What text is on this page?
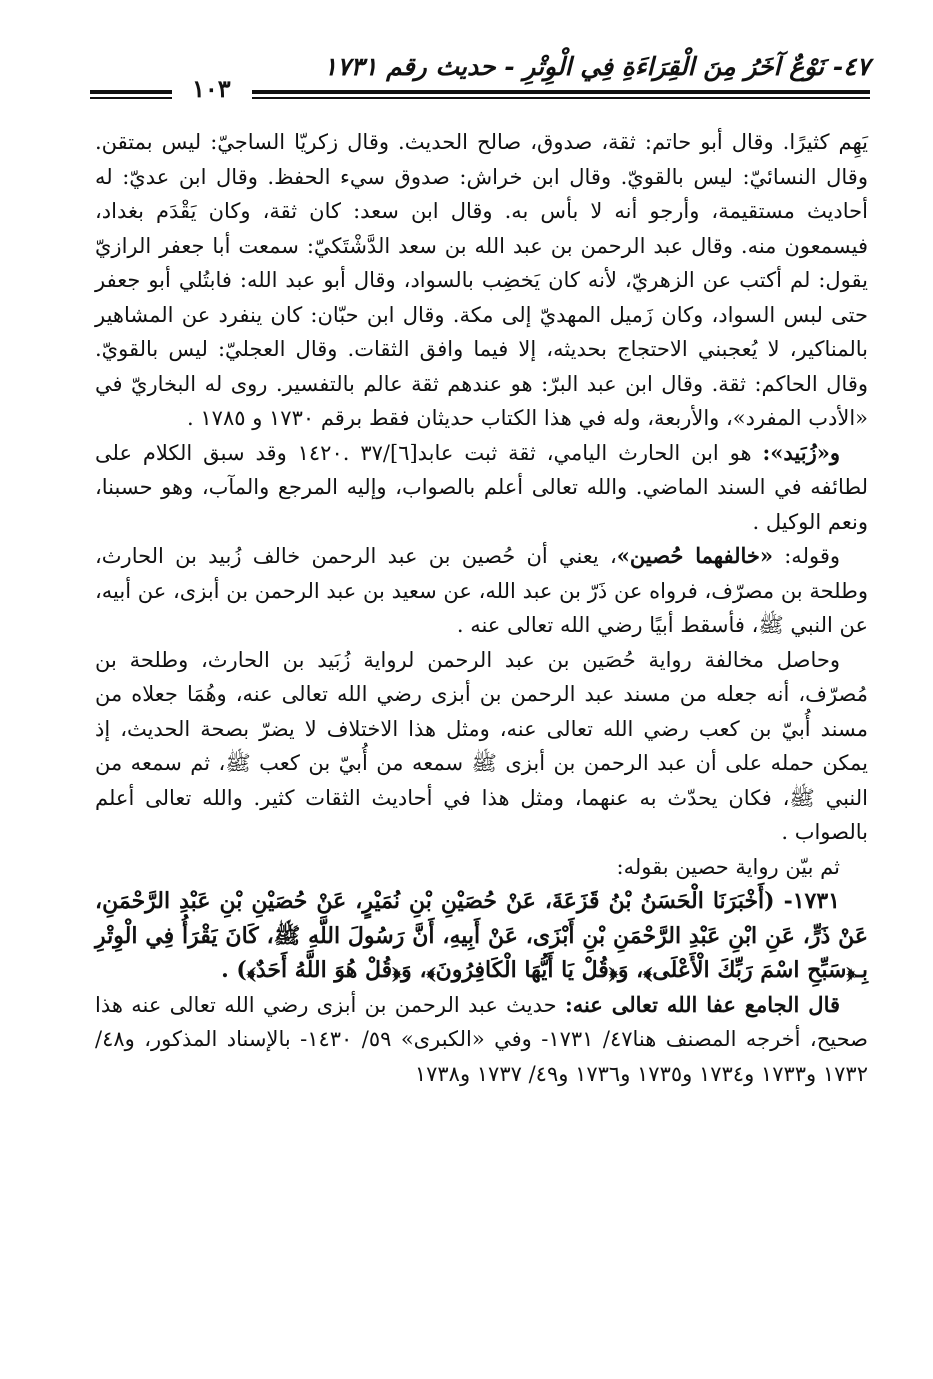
٤٧- نَوْعٌ آخَرُ مِنَ الْقِرَاءَةِ فِي الْوِتْرِ - حديث رقم ١٧٣١
١٠٣

يَهِم كثيرًا. وقال أبو حاتم: ثقة، صدوق، صالح الحديث. وقال زكريّا الساجيّ: ليس بمتقن. وقال النسائيّ: ليس بالقويّ. وقال ابن خراش: صدوق سيء الحفظ. وقال ابن عديّ: له أحاديث مستقيمة، وأرجو أنه لا بأس به. وقال ابن سعد: كان ثقة، وكان يَقْدَم بغداد، فيسمعون منه. وقال عبد الرحمن بن عبد الله بن سعد الدَّشْتَكيّ: سمعت أبا جعفر الرازيّ يقول: لم أكتب عن الزهريّ، لأنه كان يَخضِب بالسواد، وقال أبو عبد الله: فابتُلي أبو جعفر حتى لبس السواد، وكان زَميل المهديّ إلى مكة. وقال ابن حبّان: كان ينفرد عن المشاهير بالمناكير، لا يُعجبني الاحتجاج بحديثه، إلا فيما وافق الثقات. وقال العجليّ: ليس بالقويّ. وقال الحاكم: ثقة. وقال ابن عبد البرّ: هو عندهم ثقة عالم بالتفسير. روى له البخاريّ في «الأدب المفرد»، والأربعة، وله في هذا الكتاب حديثان فقط برقم ١٧٣٠ و ١٧٨٥ .

و«زُبَيد»: هو ابن الحارث اليامي، ثقة ثبت عابد[٦]/٣٧ .١٤٢٠ وقد سبق الكلام على لطائفه في السند الماضي. والله تعالى أعلم بالصواب، وإليه المرجع والمآب، وهو حسبنا، ونعم الوكيل .

وقوله: «خالفهما حُصين»، يعني أن حُصين بن عبد الرحمن خالف زُبيد بن الحارث، وطلحة بن مصرّف، فرواه عن ذَرّ بن عبد الله، عن سعيد بن عبد الرحمن بن أبزى، عن أبيه، عن النبي ﷺ، فأسقط أبيًا رضي الله تعالى عنه .

وحاصل مخالفة رواية حُصَين بن عبد الرحمن لرواية زُبَيد بن الحارث، وطلحة بن مُصرّف، أنه جعله من مسند عبد الرحمن بن أبزى رضي الله تعالى عنه، وهُمَا جعلاه من مسند أُبيّ بن كعب رضي الله تعالى عنه، ومثل هذا الاختلاف لا يضرّ بصحة الحديث، إذ يمكن حمله على أن عبد الرحمن بن أبزى ﷺ سمعه من أُبيّ بن كعب ﷺ، ثم سمعه من النبي ﷺ، فكان يحدّث به عنهما، ومثل هذا في أحاديث الثقات كثير. والله تعالى أعلم بالصواب .

ثم بيّن رواية حصين بقوله:

١٧٣١- (أَخْبَرَنَا الْحَسَنُ بْنُ قَزَعَةَ، عَنْ حُصَيْنِ بْنِ نُمَيْرٍ، عَنْ حُصَيْنِ بْنِ عَبْدِ الرَّحْمَنِ، عَنْ ذَرٍّ، عَنِ ابْنِ عَبْدِ الرَّحْمَنِ بْنِ أَبْزَى، عَنْ أَبِيهِ، أَنَّ رَسُولَ اللَّهِ ﷺ، كَانَ يَقْرَأُ فِي الْوِتْرِ بِـ﴿سَبِّحِ اسْمَ رَبِّكَ الْأَعْلَى﴾، وَ﴿قُلْ يَا أَيُّهَا الْكَافِرُونَ﴾، وَ﴿قُلْ هُوَ اللَّهُ أَحَدٌ﴾) .

قال الجامع عفا الله تعالى عنه: حديث عبد الرحمن بن أبزى رضي الله تعالى عنه هذا صحيح، أخرجه المصنف هنا٤٧/ ١٧٣١- وفي «الكبرى» ٥٩/ ١٤٣٠- بالإسناد المذكور، و٤٨/ ١٧٣٢ و١٧٣٣ و١٧٣٤ و١٧٣٥ و١٧٣٦ و٤٩/ ١٧٣٧ و١٧٣٨
